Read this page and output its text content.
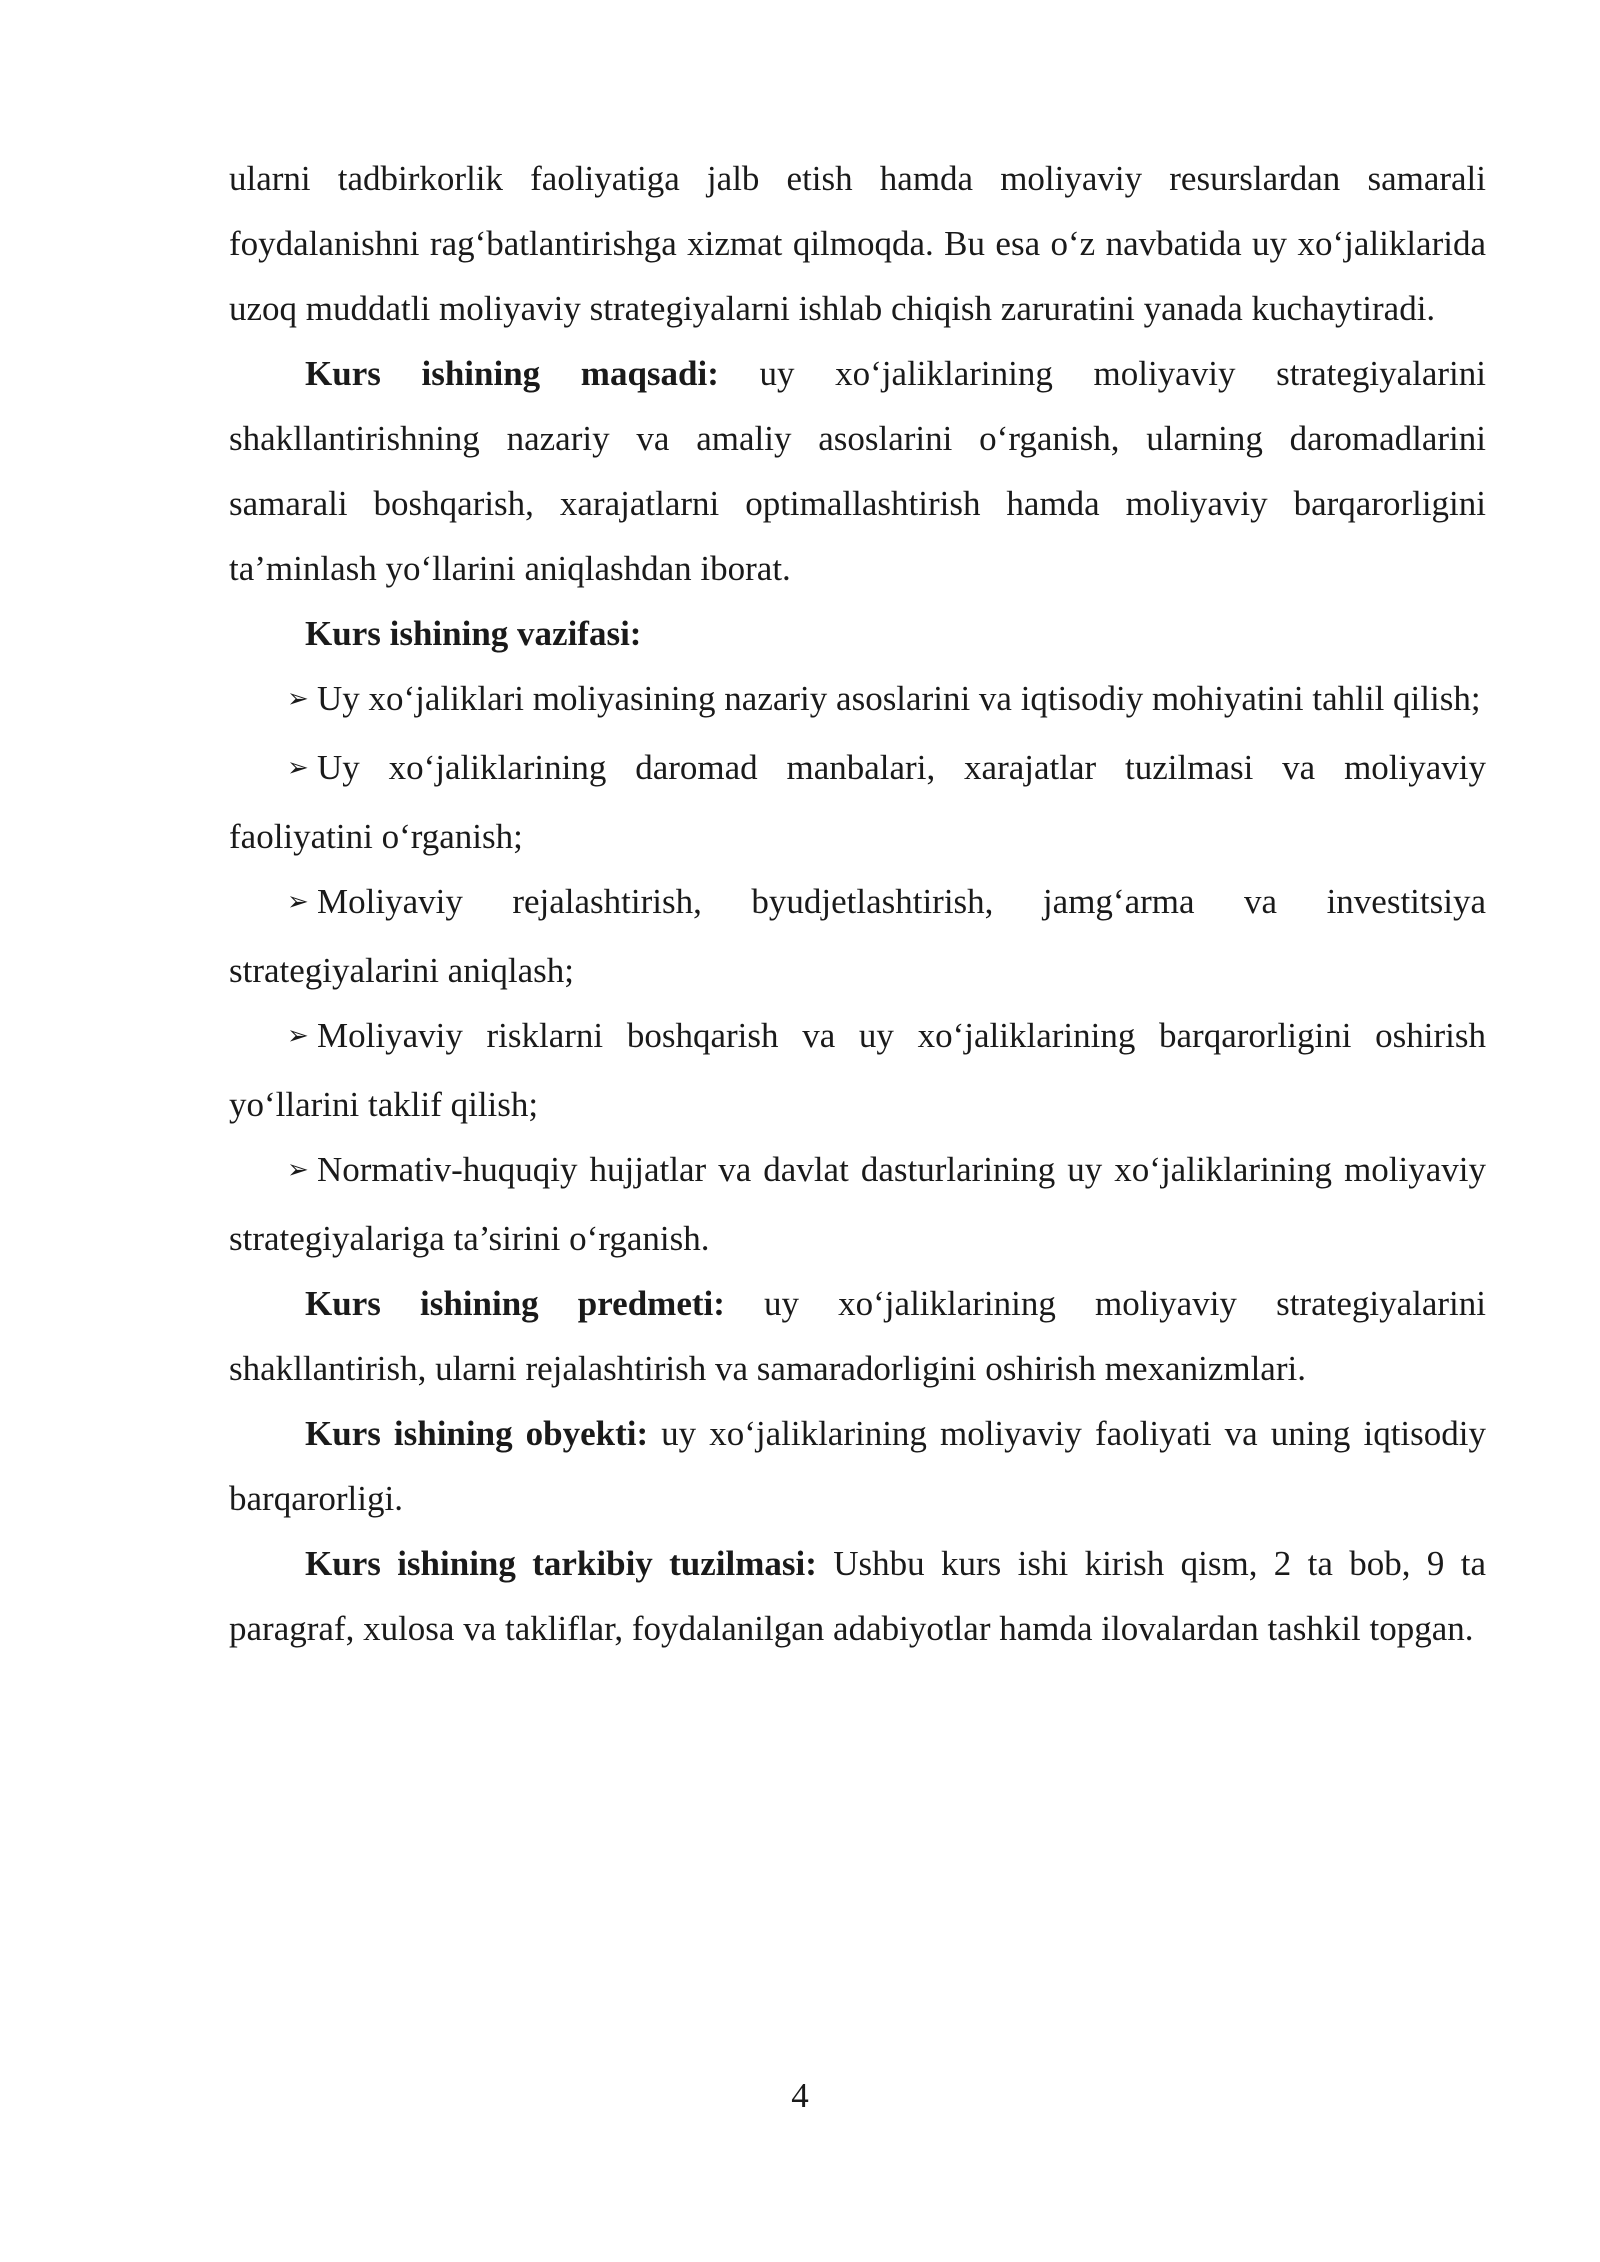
ularni tadbirkorlik faoliyatiga jalb etish hamda moliyaviy resurslardan samarali foydalanishni rag‘batlantirishga xizmat qilmoqda. Bu esa o‘z navbatida uy xo‘jaliklarida uzoq muddatli moliyaviy strategiyalarni ishlab chiqish zaruratini yanada kuchaytiradi.

Kurs ishining maqsadi: uy xo‘jaliklarining moliyaviy strategiyalarini shakllantirishning nazariy va amaliy asoslarini o‘rganish, ularning daromadlarini samarali boshqarish, xarajatlarni optimallashtirish hamda moliyaviy barqarorligini ta’minlash yo‘llarini aniqlashdan iborat.

Kurs ishining vazifasi:

➢ Uy xo‘jaliklari moliyasining nazariy asoslarini va iqtisodiy mohiyatini tahlil qilish;

➢ Uy xo‘jaliklarining daromad manbalari, xarajatlar tuzilmasi va moliyaviy faoliyatini o‘rganish;

➢ Moliyaviy rejalashtirish, byudjetlashtirish, jamg‘arma va investitsiya strategiyalarini aniqlash;

➢ Moliyaviy risklarni boshqarish va uy xo‘jaliklarining barqarorligini oshirish yo‘llarini taklif qilish;

➢ Normativ-huquqiy hujjatlar va davlat dasturlarining uy xo‘jaliklarining moliyaviy strategiyalariga ta’sirini o‘rganish.

Kurs ishining predmeti: uy xo‘jaliklarining moliyaviy strategiyalarini shakllantirish, ularni rejalashtirish va samaradorligini oshirish mexanizmlari.

Kurs ishining obyekti: uy xo‘jaliklarining moliyaviy faoliyati va uning iqtisodiy barqarorligi.

Kurs ishining tarkibiy tuzilmasi: Ushbu kurs ishi kirish qism, 2 ta bob, 9 ta paragraf, xulosa va takliflar, foydalanilgan adabiyotlar hamda ilovalardan tashkil topgan.

4
